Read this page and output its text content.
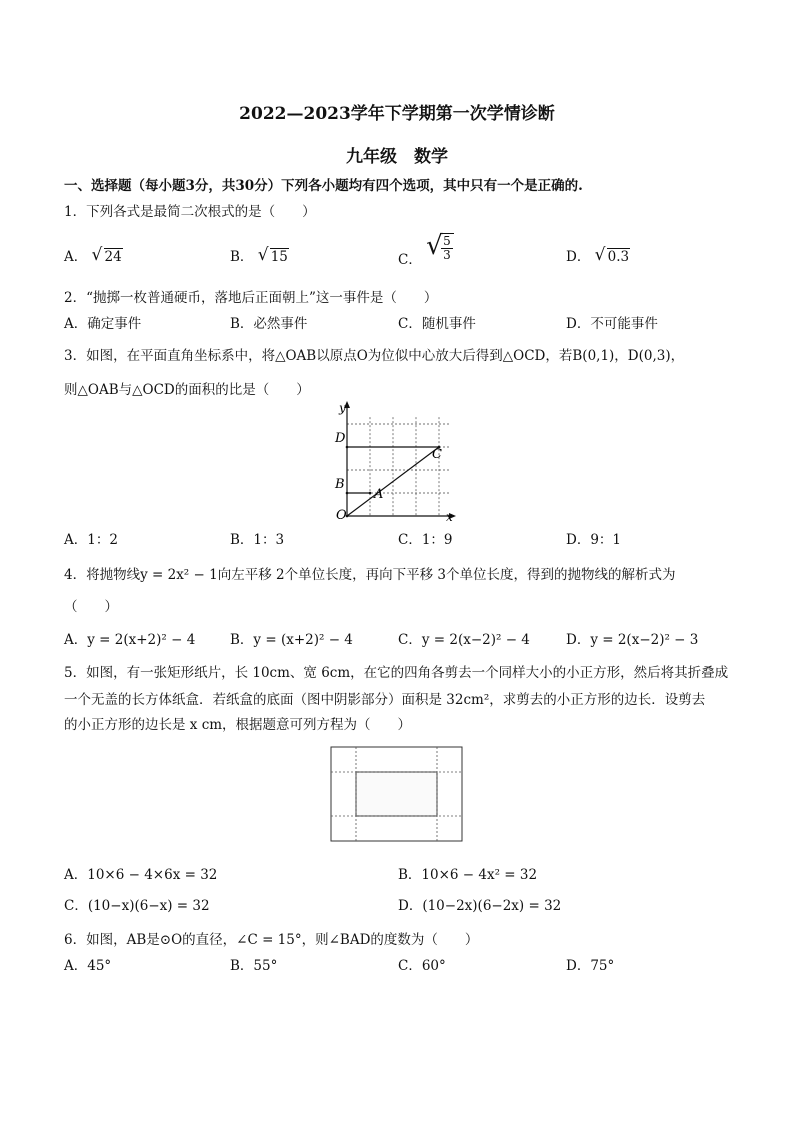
2022—2023学年下学期第一次学情诊断
九年级　数学
一、选择题（每小题3分，共30分）下列各小题均有四个选项，其中只有一个是正确的.
1．下列各式是最简二次根式的是（　　）
A． √ 24	B． √ 15	C． √
$\frac{5}{3}$	D． √ 0.3
2．“抛掷一枚普通硬币，落地后正面朝上”这一事件是（　　）
A．确定事件	B．必然事件	C．随机事件	D．不可能事件
3．如图，在平面直角坐标系中，将△OAB以原点O为位似中心放大后得到△OCD，若B(0,1)，D(0,3)，
则△OAB与△OCD的面积的比是（　　）
y
x
D
C
B
A
O
A．1：2	B．1：3	C．1：9	D．9：1
4．将抛物线y = 2x² − 1向左平移 2个单位长度，再向下平移 3个单位长度，得到的抛物线的解析式为
（　　）
A．y = 2(x+2)² − 4	B．y = (x+2)² − 4	C．y = 2(x−2)² − 4	D．y = 2(x−2)² − 3
5．如图，有一张矩形纸片，长 10cm、宽 6cm，在它的四角各剪去一个同样大小的小正方形，然后将其折叠成
一个无盖的长方体纸盒．若纸盒的底面（图中阴影部分）面积是 32cm²，求剪去的小正方形的边长．设剪去
的小正方形的边长是 x cm，根据题意可列方程为（　　）
A．10×6 − 4×6x = 32	B．10×6 − 4x² = 32
C．(10−x)(6−x) = 32	D．(10−2x)(6−2x) = 32
6．如图，AB是⊙O的直径，∠C = 15°，则∠BAD的度数为（　　）
A．45°	B．55°	C．60°	D．75°
